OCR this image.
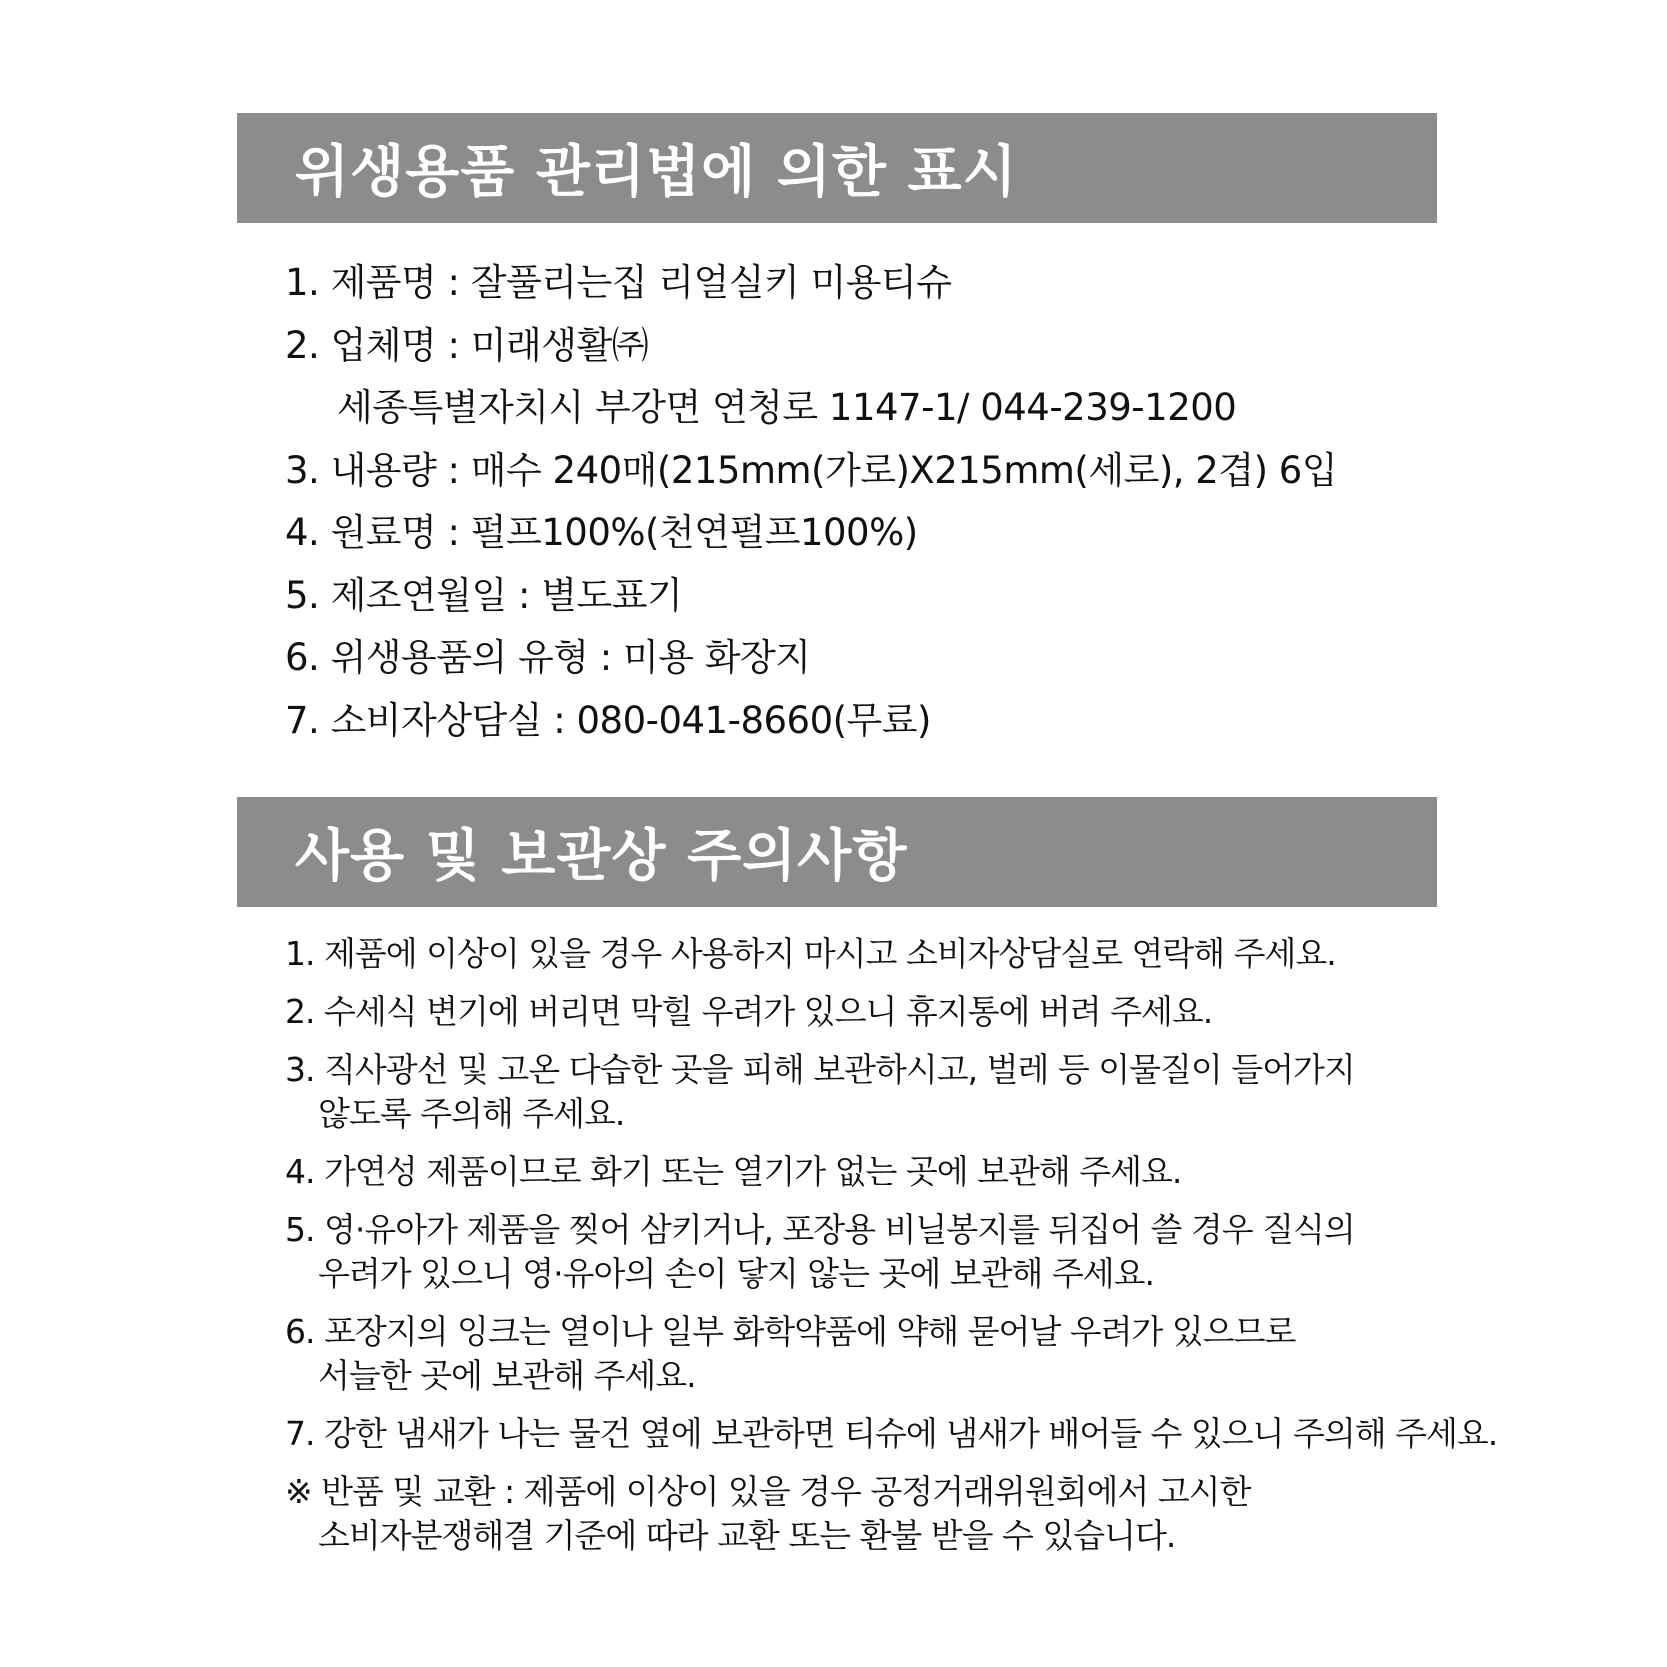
위생용품 관리법에 의한 표시
1. 제품명 : 잘풀리는집 리얼실키 미용티슈
2. 업체명 : 미래생활㈜
세종특별자치시 부강면 연청로 1147-1/ 044-239-1200
3. 내용량 : 매수 240매(215mm(가로)X215mm(세로), 2겹) 6입
4. 원료명 : 펄프100%(천연펄프100%)
5. 제조연월일 : 별도표기
6. 위생용품의 유형 : 미용 화장지
7. 소비자상담실 : 080-041-8660(무료)
사용 및 보관상 주의사항
1. 제품에 이상이 있을 경우 사용하지 마시고 소비자상담실로 연락해 주세요.
2. 수세식 변기에 버리면 막힐 우려가 있으니 휴지통에 버려 주세요.
3. 직사광선 및 고온 다습한 곳을 피해 보관하시고, 벌레 등 이물질이 들어가지
않도록 주의해 주세요.
4. 가연성 제품이므로 화기 또는 열기가 없는 곳에 보관해 주세요.
5. 영·유아가 제품을 찢어 삼키거나, 포장용 비닐봉지를 뒤집어 쓸 경우 질식의
우려가 있으니 영·유아의 손이 닿지 않는 곳에 보관해 주세요.
6. 포장지의 잉크는 열이나 일부 화학약품에 약해 묻어날 우려가 있으므로
서늘한 곳에 보관해 주세요.
7. 강한 냄새가 나는 물건 옆에 보관하면 티슈에 냄새가 배어들 수 있으니 주의해 주세요.
※ 반품 및 교환 : 제품에 이상이 있을 경우 공정거래위원회에서 고시한
소비자분쟁해결 기준에 따라 교환 또는 환불 받을 수 있습니다.
